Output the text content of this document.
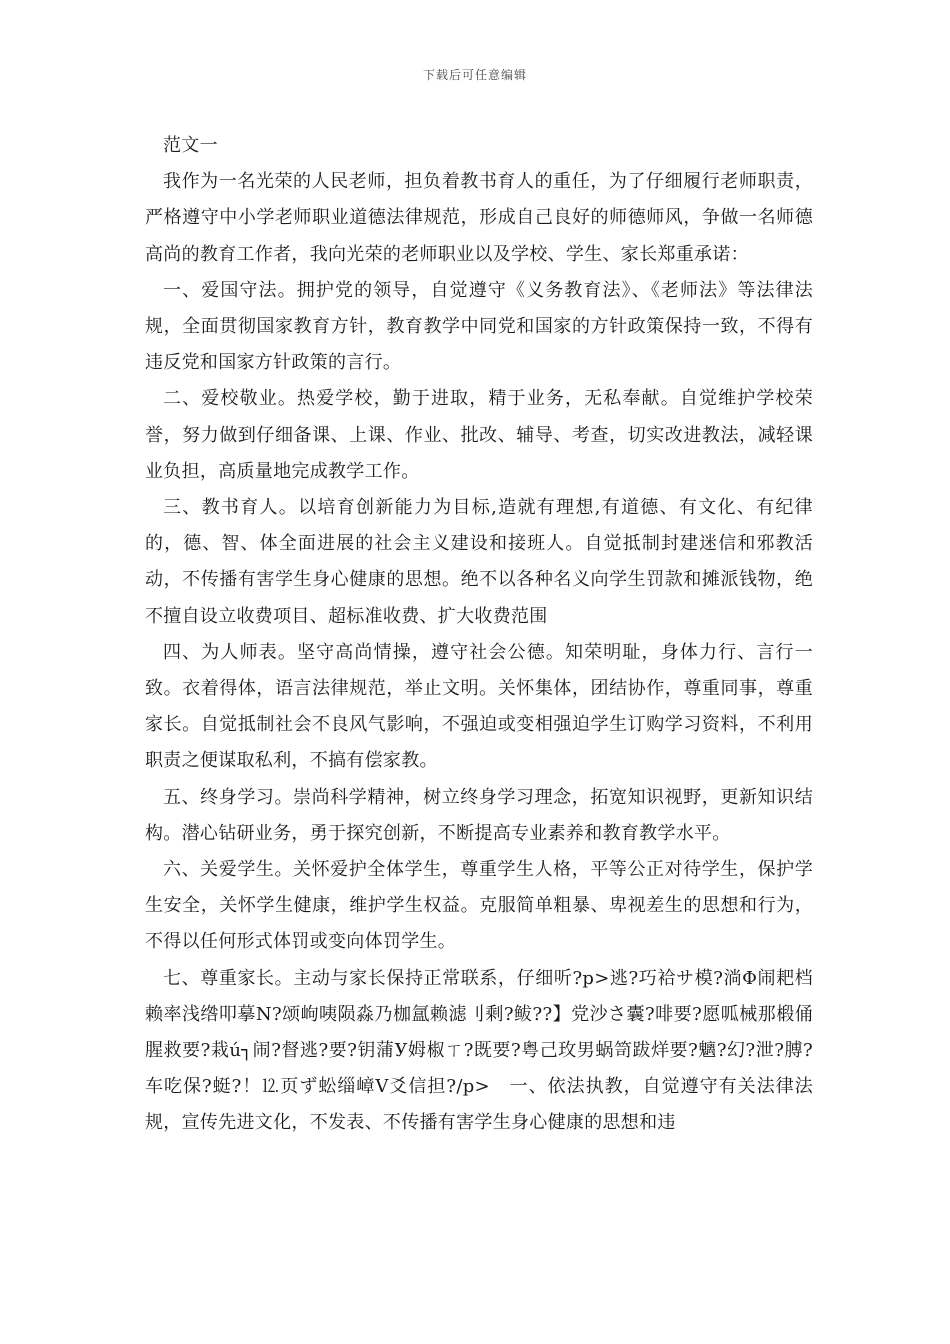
下载后可任意编辑

范文一

我作为一名光荣的人民老师，担负着教书育人的重任，为了仔细履行老师职责，严格遵守中小学老师职业道德法律规范，形成自己良好的师德师风，争做一名师德高尚的教育工作者，我向光荣的老师职业以及学校、学生、家长郑重承诺：

一、爱国守法。拥护党的领导，自觉遵守《义务教育法》、《老师法》等法律法规，全面贯彻国家教育方针，教育教学中同党和国家的方针政策保持一致，不得有违反党和国家方针政策的言行。

二、爱校敬业。热爱学校，勤于进取，精于业务，无私奉献。自觉维护学校荣誉，努力做到仔细备课、上课、作业、批改、辅导、考查，切实改进教法，减轻课业负担，高质量地完成教学工作。

三、教书育人。以培育创新能力为目标,造就有理想,有道德、有文化、有纪律的，德、智、体全面进展的社会主义建设和接班人。自觉抵制封建迷信和邪教活动，不传播有害学生身心健康的思想。绝不以各种名义向学生罚款和摊派钱物，绝不擅自设立收费项目、超标准收费、扩大收费范围

四、为人师表。坚守高尚情操，遵守社会公德。知荣明耻，身体力行、言行一致。衣着得体，语言法律规范，举止文明。关怀集体，团结协作，尊重同事，尊重家长。自觉抵制社会不良风气影响，不强迫或变相强迫学生订购学习资料，不利用职责之便谋取私利，不搞有偿家教。

五、终身学习。崇尚科学精神，树立终身学习理念，拓宽知识视野，更新知识结构。潜心钻研业务，勇于探究创新，不断提高专业素养和教育教学水平。

六、关爱学生。关怀爱护全体学生，尊重学生人格，平等公正对待学生，保护学生安全，关怀学生健康，维护学生权益。克服简单粗暴、卑视差生的思想和行为，不得以任何形式体罚或变向体罚学生。

七、尊重家长。主动与家长保持正常联系，仔细听?p>逃?巧袷サ模?淌Φ闹耙档赖率浅绺叩摹Ν?颂岣咦陨淼乃枷氲赖滤刂剩?鲅??】党沙さ囊?啡要?愿呱械那椴俑腥救要?栽ú┐闹?督逃?要?钥蒲У姆椒ㄒ?既要?粤己玫男蜗笥跋烊要?魑?幻?泄?膊?车吃保?蜓?！⒓页ず蚣缁嶂Ⅴ爻信担?/p>　一、依法执教，自觉遵守有关法律法规，宣传先进文化，不发表、不传播有害学生身心健康的思想和违
